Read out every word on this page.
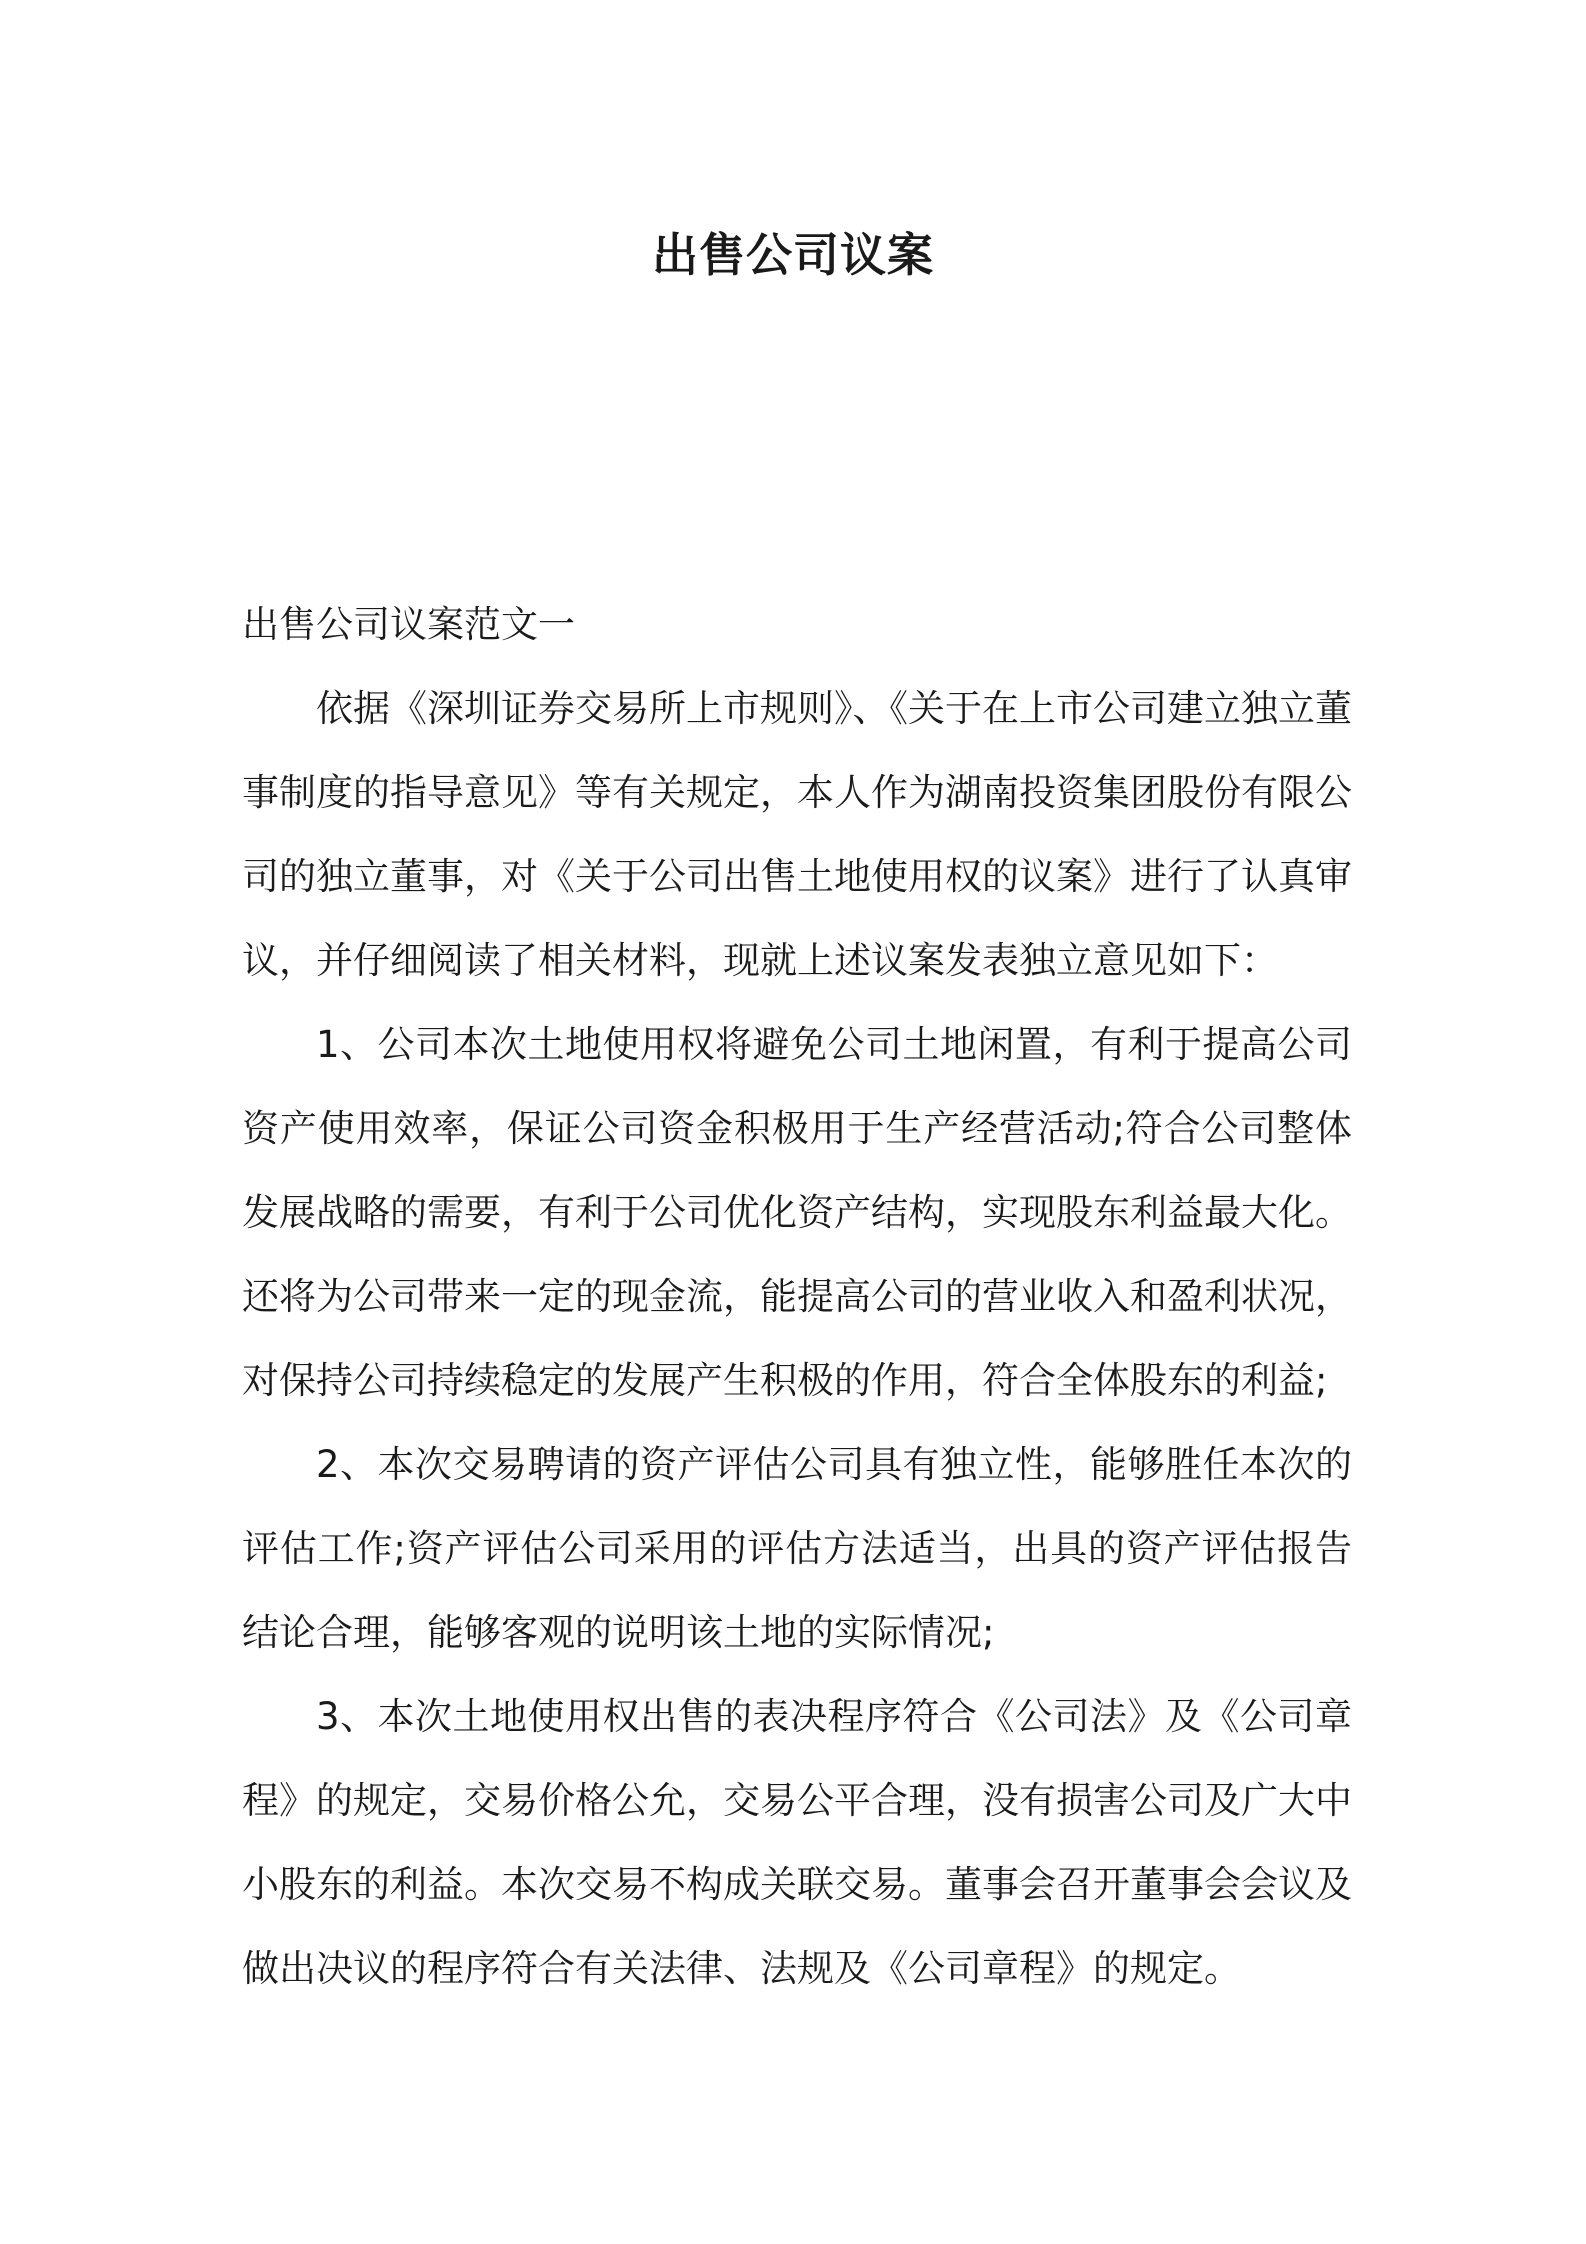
出售公司议案

出售公司议案范文一

依据《深圳证券交易所上市规则》、《关于在上市公司建立独立董事制度的指导意见》等有关规定，本人作为湖南投资集团股份有限公司的独立董事，对《关于公司出售土地使用权的议案》进行了认真审议，并仔细阅读了相关材料，现就上述议案发表独立意见如下：

1、公司本次土地使用权将避免公司土地闲置，有利于提高公司资产使用效率，保证公司资金积极用于生产经营活动;符合公司整体发展战略的需要，有利于公司优化资产结构，实现股东利益最大化。还将为公司带来一定的现金流，能提高公司的营业收入和盈利状况，对保持公司持续稳定的发展产生积极的作用，符合全体股东的利益;

2、本次交易聘请的资产评估公司具有独立性，能够胜任本次的评估工作;资产评估公司采用的评估方法适当，出具的资产评估报告结论合理，能够客观的说明该土地的实际情况;

3、本次土地使用权出售的表决程序符合《公司法》及《公司章程》的规定，交易价格公允，交易公平合理，没有损害公司及广大中小股东的利益。本次交易不构成关联交易。董事会召开董事会会议及做出决议的程序符合有关法律、法规及《公司章程》的规定。
